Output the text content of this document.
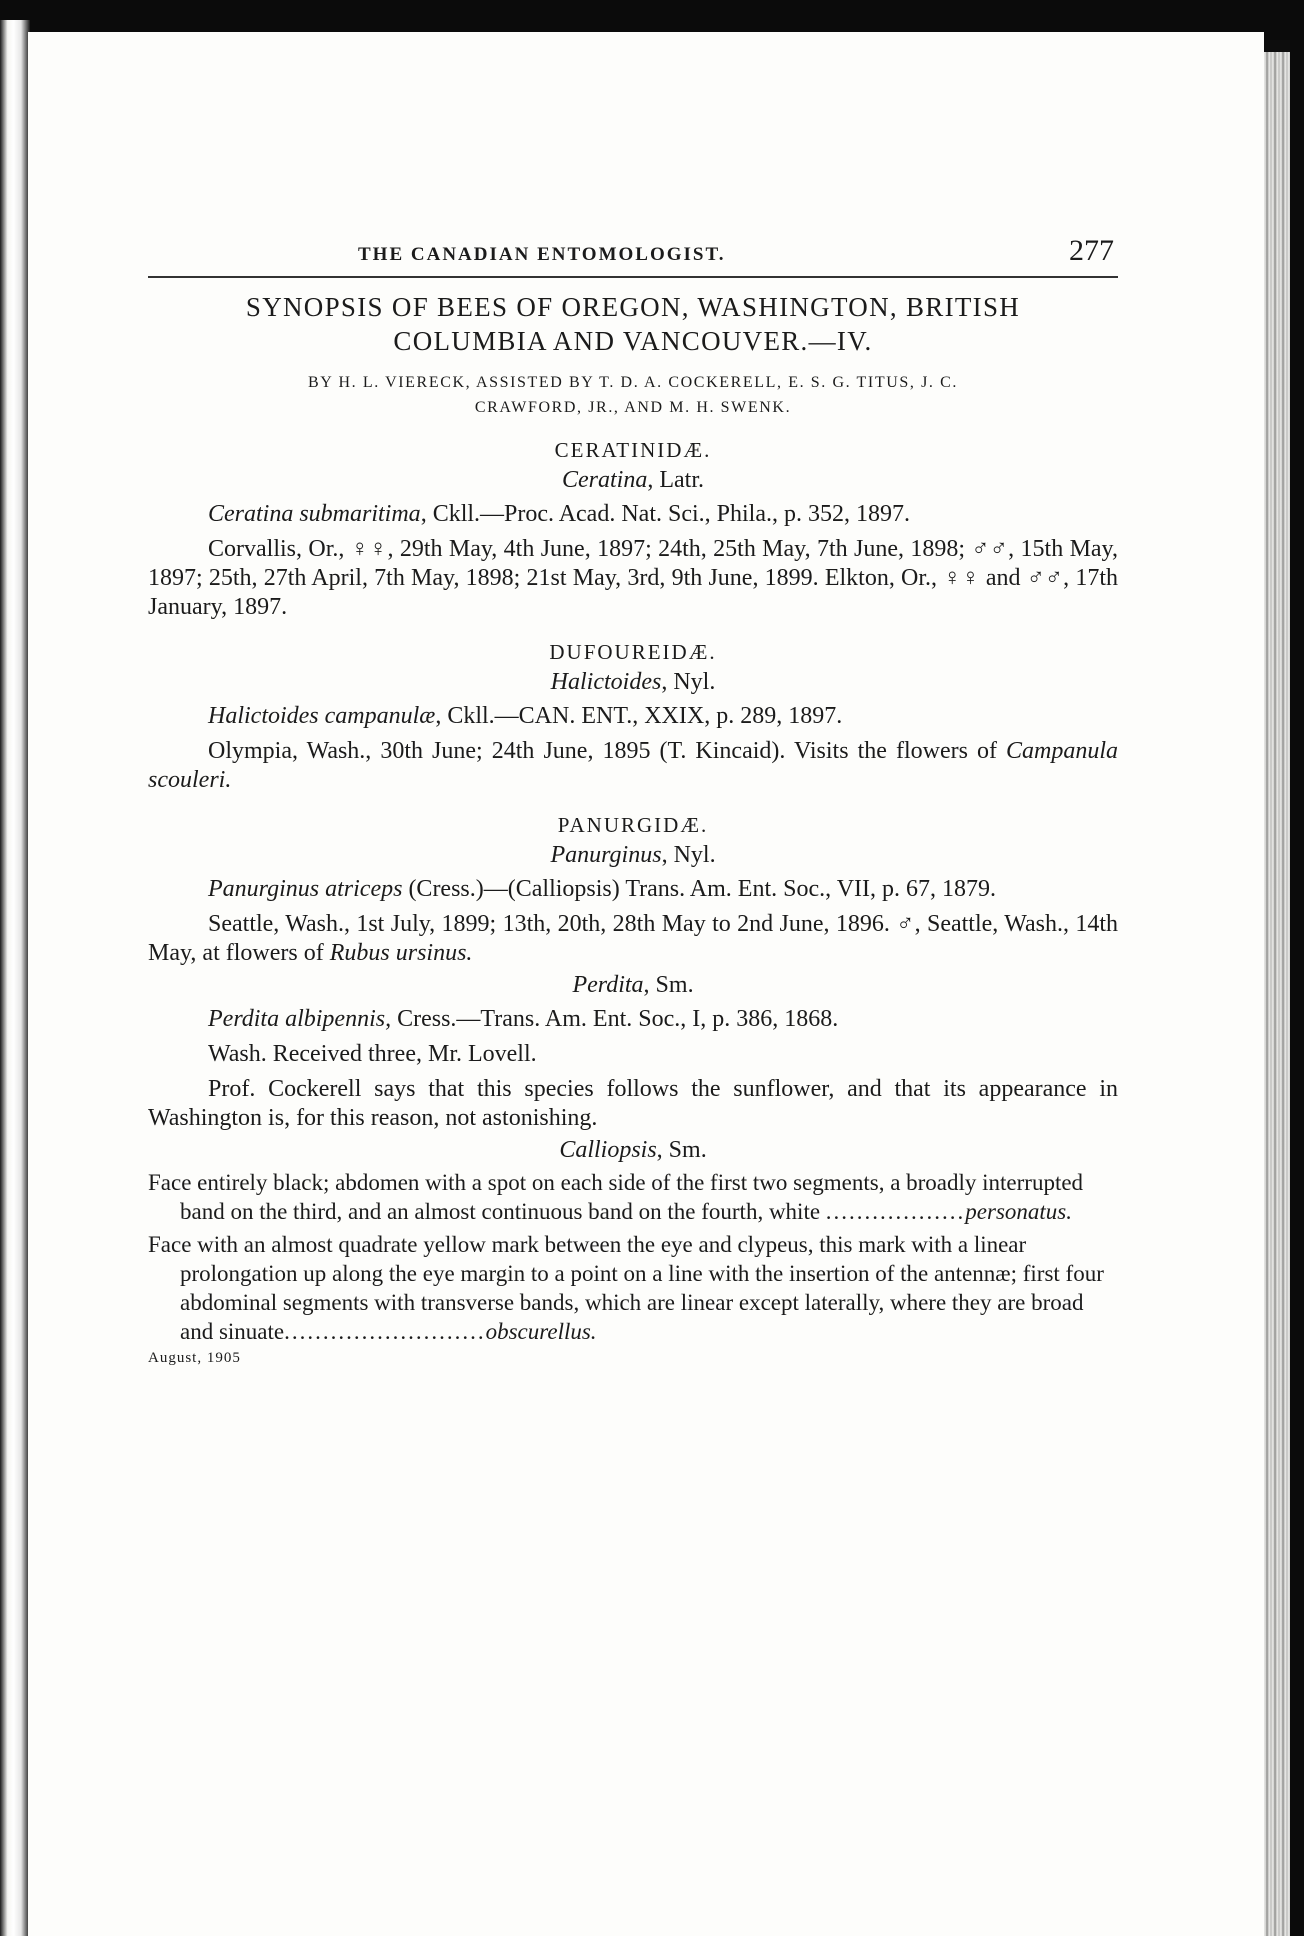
THE CANADIAN ENTOMOLOGIST.	277
SYNOPSIS OF BEES OF OREGON, WASHINGTON, BRITISH
COLUMBIA AND VANCOUVER.—IV.
BY H. L. VIERECK, ASSISTED BY T. D. A. COCKERELL, E. S. G. TITUS, J. C.
CRAWFORD, JR., AND M. H. SWENK.
CERATINIDÆ.
Ceratina, Latr.

Ceratina submaritima, Ckll.—Proc. Acad. Nat. Sci., Phila., p. 352, 1897.

Corvallis, Or., ♀♀, 29th May, 4th June, 1897; 24th, 25th May, 7th June, 1898; ♂♂, 15th May, 1897; 25th, 27th April, 7th May, 1898; 21st May, 3rd, 9th June, 1899. Elkton, Or., ♀♀ and ♂♂, 17th January, 1897.

DUFOUREIDÆ.
Halictoides, Nyl.

Halictoides campanulæ, Ckll.—CAN. ENT., XXIX, p. 289, 1897.

Olympia, Wash., 30th June; 24th June, 1895 (T. Kincaid). Visits the flowers of Campanula scouleri.

PANURGIDÆ.
Panurginus, Nyl.

Panurginus atriceps (Cress.)—(Calliopsis) Trans. Am. Ent. Soc., VII, p. 67, 1879.

Seattle, Wash., 1st July, 1899; 13th, 20th, 28th May to 2nd June, 1896. ♂, Seattle, Wash., 14th May, at flowers of Rubus ursinus.

Perdita, Sm.

Perdita albipennis, Cress.—Trans. Am. Ent. Soc., I, p. 386, 1868.

Wash. Received three, Mr. Lovell.

Prof. Cockerell says that this species follows the sunflower, and that its appearance in Washington is, for this reason, not astonishing.

Calliopsis, Sm.

Face entirely black; abdomen with a spot on each side of the first two segments, a broadly interrupted band on the third, and an almost continuous band on the fourth, white ..................personatus.

Face with an almost quadrate yellow mark between the eye and clypeus, this mark with a linear prolongation up along the eye margin to a point on a line with the insertion of the antennæ; first four abdominal segments with transverse bands, which are linear except laterally, where they are broad and sinuate..........................obscurellus.

August, 1905
